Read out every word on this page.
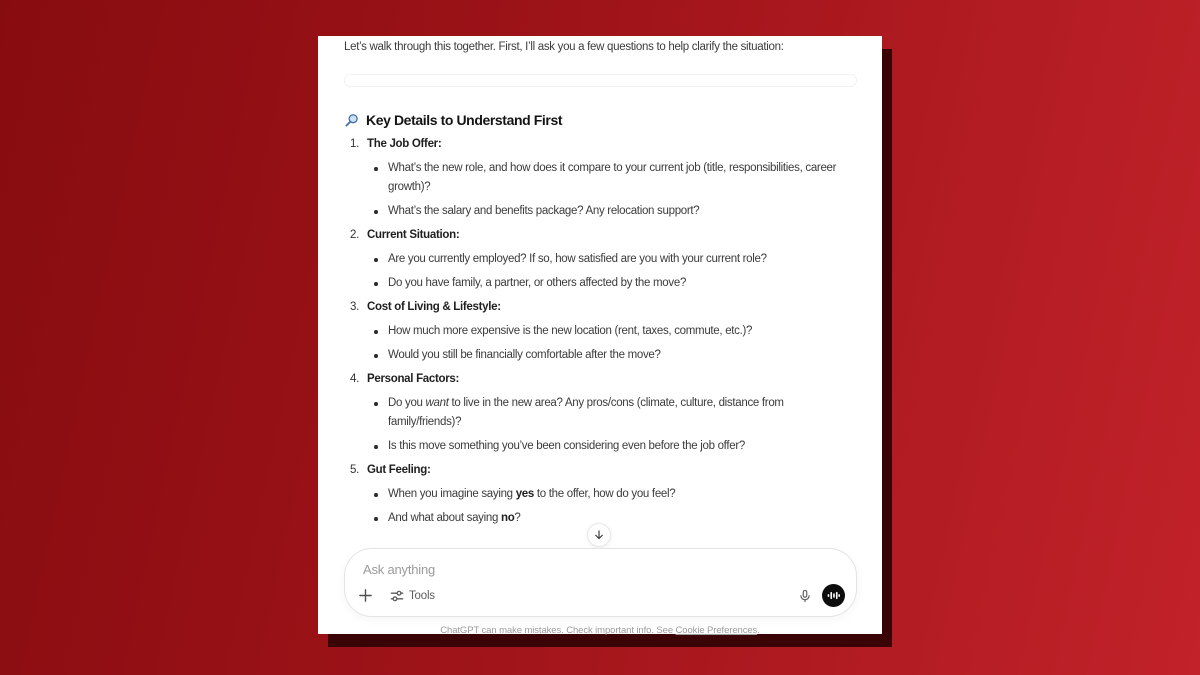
Let’s walk through this together. First, I’ll ask you a few questions to help clarify the situation:
Key Details to Understand First
1. The Job Offer:
What’s the new role, and how does it compare to your current job (title, responsibilities, career growth)?
What’s the salary and benefits package? Any relocation support?
2. Current Situation:
Are you currently employed? If so, how satisfied are you with your current role?
Do you have family, a partner, or others affected by the move?
3. Cost of Living & Lifestyle:
How much more expensive is the new location (rent, taxes, commute, etc.)?
Would you still be financially comfortable after the move?
4. Personal Factors:
Do you want to live in the new area? Any pros/cons (climate, culture, distance from family/friends)?
Is this move something you’ve been considering even before the job offer?
5. Gut Feeling:
When you imagine saying yes to the offer, how do you feel?
And what about saying no?
Ask anything
Tools
ChatGPT can make mistakes. Check important info. See Cookie Preferences.
